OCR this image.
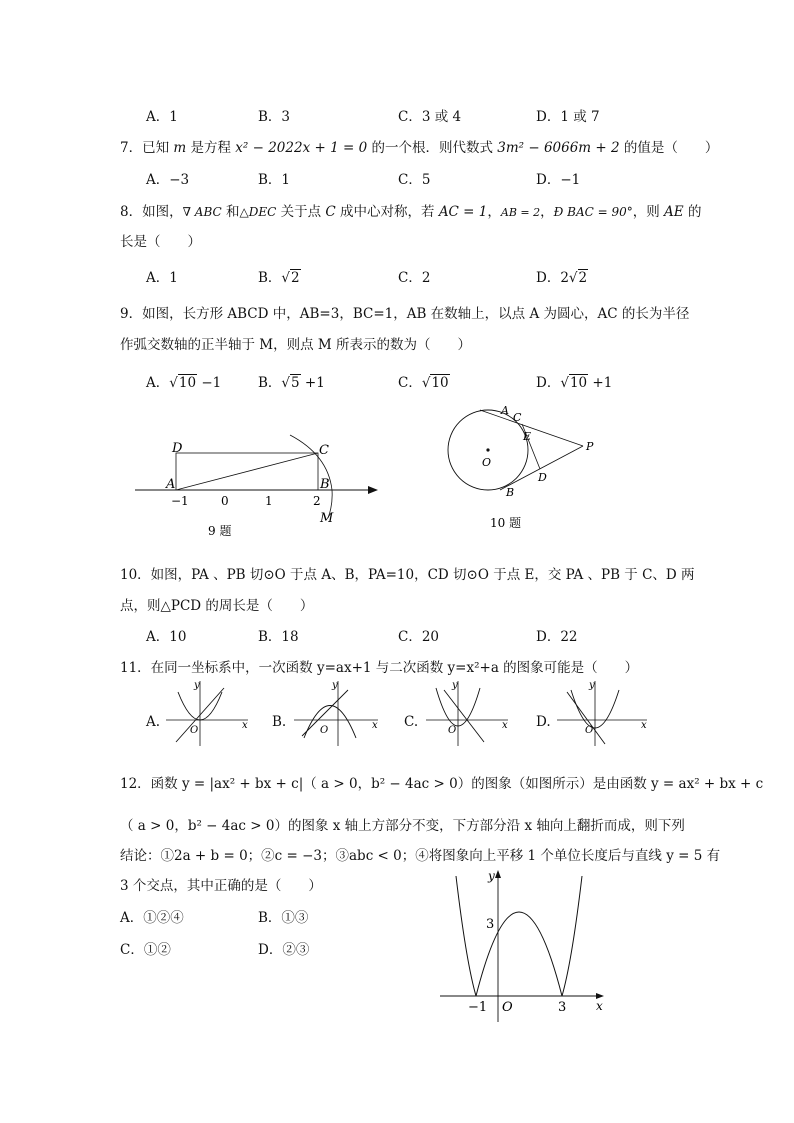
A．1	B．3	C．3 或 4	D．1 或 7
7．已知 m 是方程 x² − 2022x + 1 = 0 的一个根．则代数式 3m² − 6066m + 2 的值是（　　）
A．−3	B．1	C．5	D．−1
8．如图，∇ ABC 和△DEC 关于点 C 成中心对称，若 AC = 1，AB = 2，Ð BAC = 90°，则 AE 的
长是（　　）
A．1	B．√2	C．2	D．2√2
9．如图，长方形 ABCD 中，AB=3，BC=1，AB 在数轴上，以点 A 为圆心，AC 的长为半径
作弧交数轴的正半轴于 M，则点 M 所表示的数为（　　）
A．√10 −1	B．√5 +1	C．√10	D．√10 +1
D	C
A	B
M
−1	0	1	2
9 题
A
C
E
P
O
D
B
10 题
10．如图，PA 、PB 切⊙O 于点 A、B，PA=10，CD 切⊙O 于点 E，交 PA 、PB 于 C、D 两
点，则△PCD 的周长是（　　）
A．10	B．18	C．20	D．22
11．在同一坐标系中，一次函数 y=ax+1 与二次函数 y=x²+a 的图象可能是（　　）
A.	x
y
O
B.	x
y
O
C.	x
y
O
D.	x
y
O
12．函数 y = |ax² + bx + c|（ a > 0，b² − 4ac > 0）的图象（如图所示）是由函数 y = ax² + bx + c
（ a > 0，b² − 4ac > 0）的图象 x 轴上方部分不变，下方部分沿 x 轴向上翻折而成，则下列
结论：①2a + b = 0；②c = −3；③abc < 0；④将图象向上平移 1 个单位长度后与直线 y = 5 有
3 个交点，其中正确的是（　　）
A．①②④	B．①③
C．①②	D．②③
y
x
3
−1 O	3
